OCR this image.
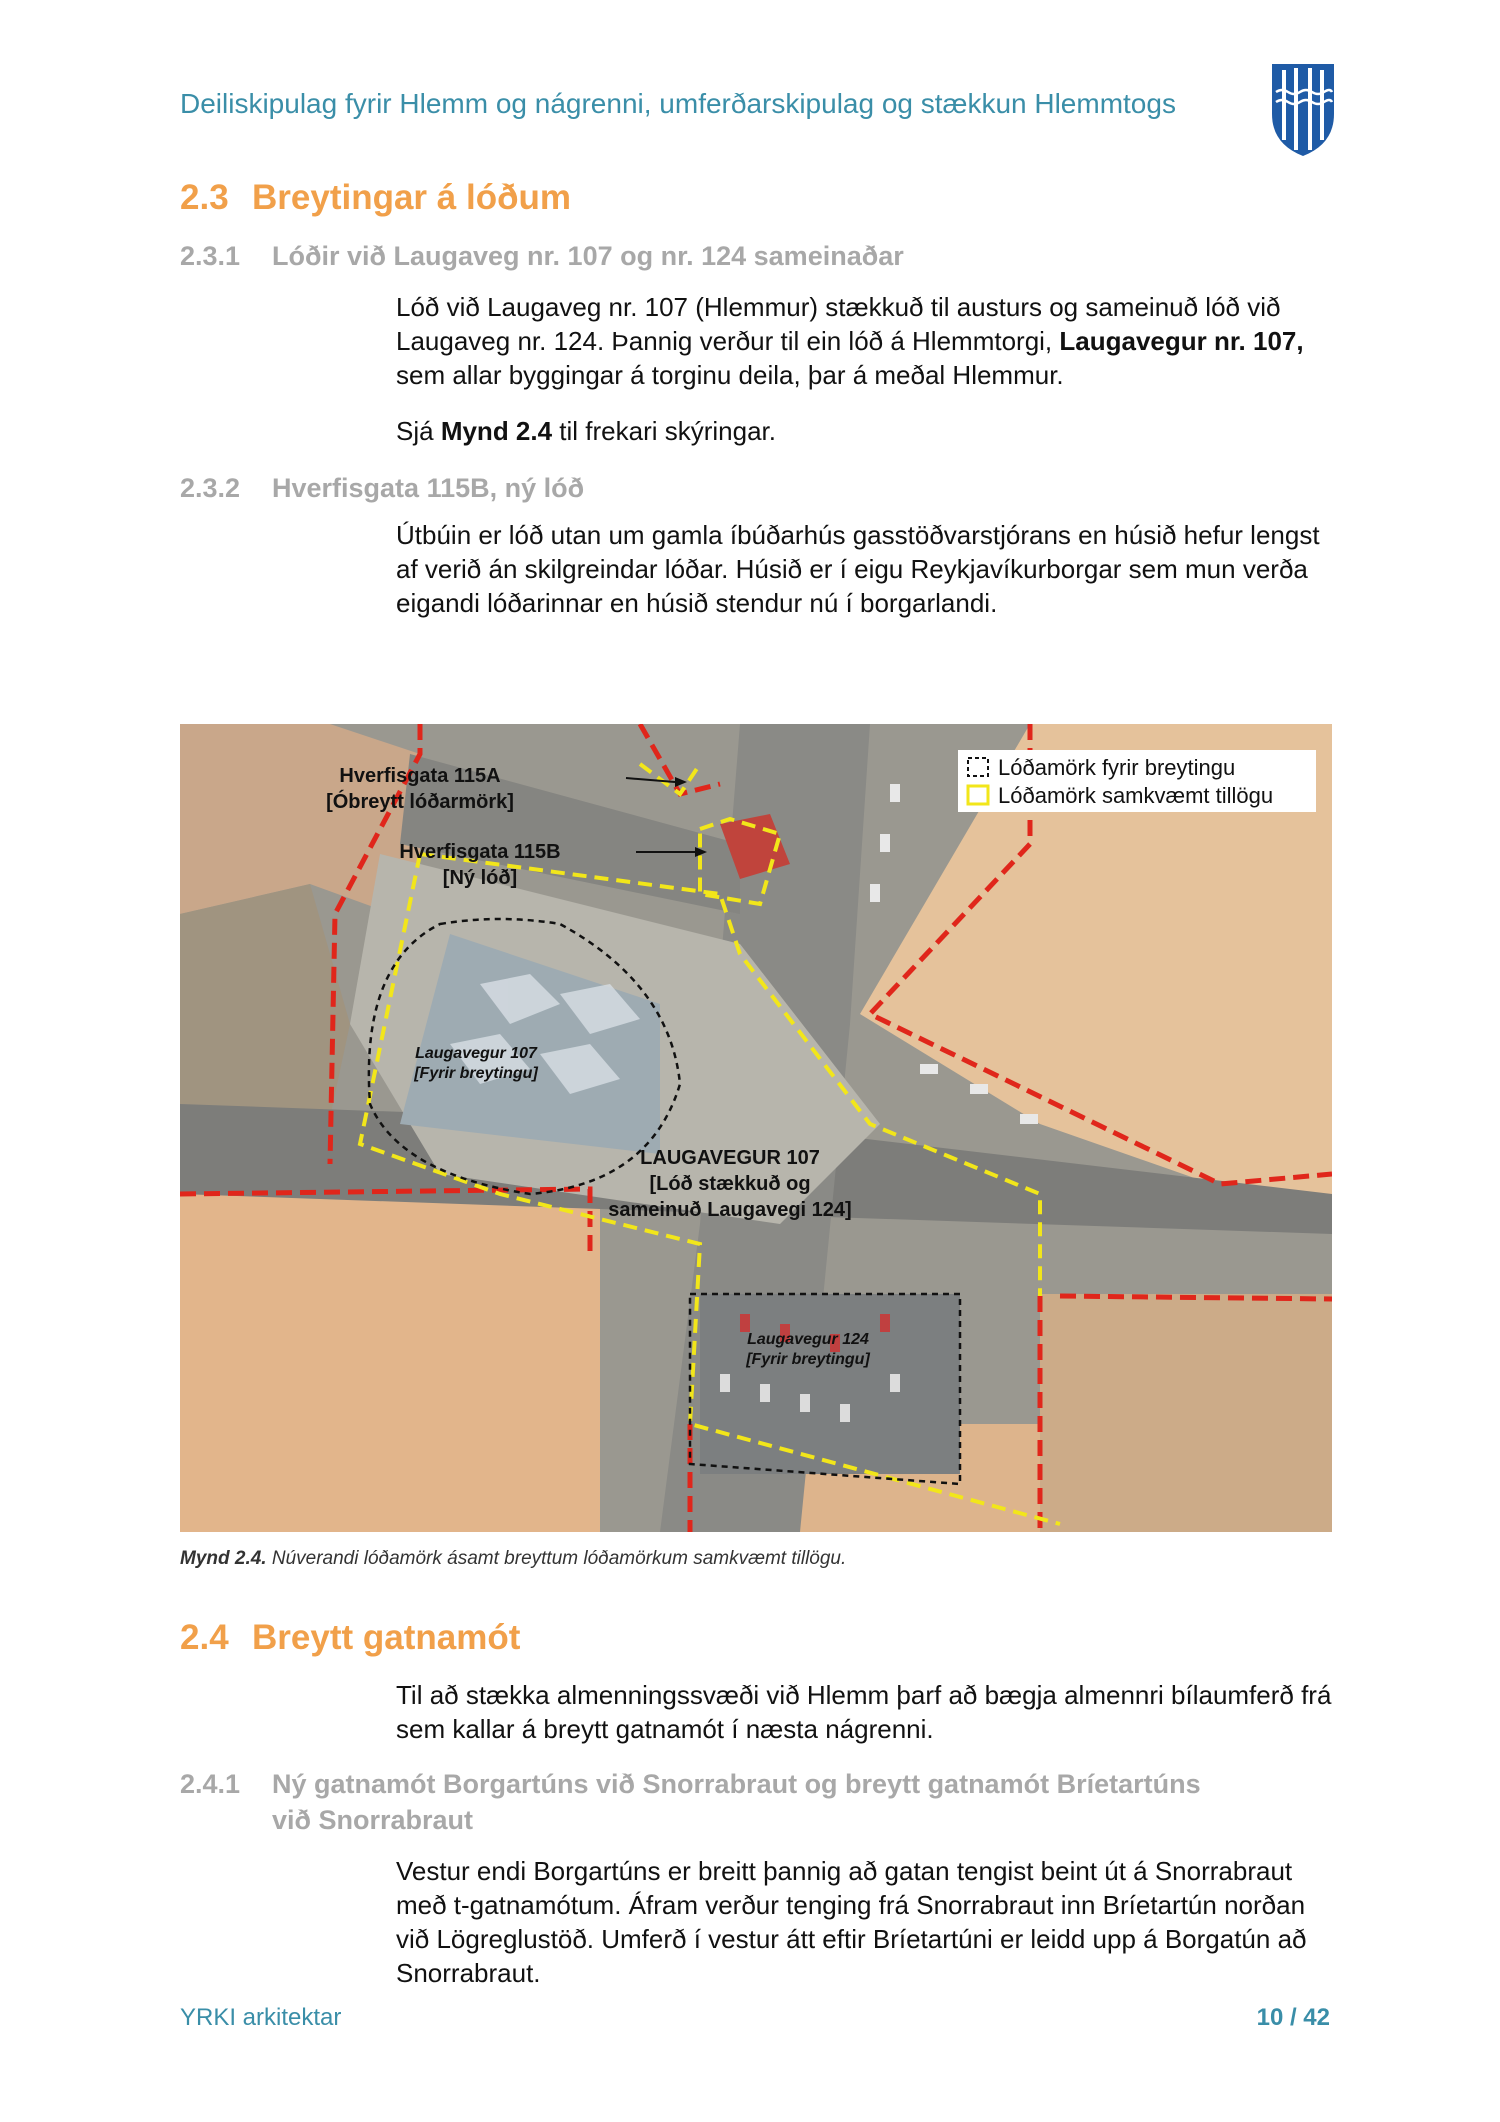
Deiliskipulag fyrir Hlemm og nágrenni, umferðarskipulag og stækkun Hlemmtogs
2.3 Breytingar á lóðum
2.3.1 Lóðir við Laugaveg nr. 107 og nr. 124 sameinaðar
Lóð við Laugaveg nr. 107 (Hlemmur) stækkuð til austurs og sameinuð lóð við Laugaveg nr. 124. Þannig verður til ein lóð á Hlemmtorgi, Laugavegur nr. 107, sem allar byggingar á torginu deila, þar á meðal Hlemmur.
Sjá Mynd 2.4 til frekari skýringar.
2.3.2 Hverfisgata 115B, ný lóð
Útbúin er lóð utan um gamla íbúðarhús gasstöðvarstjórans en húsið hefur lengst af verið án skilgreindar lóðar. Húsið er í eigu Reykjavíkurborgar sem mun verða eigandi lóðarinnar en húsið stendur nú í borgarlandi.
Lóðamörk fyrir breytingu
Lóðamörk samkvæmt tillögu
Hverfisgata 115A
[Óbreytt lóðarmörk]
Hverfisgata 115B
[Ný lóð]
Laugavegur 107
[Fyrir breytingu]
LAUGAVEGUR 107
[Lóð stækkuð og
sameinuð Laugavegi 124]
Laugavegur 124
[Fyrir breytingu]
Mynd 2.4. Núverandi lóðamörk ásamt breyttum lóðamörkum samkvæmt tillögu.
2.4 Breytt gatnamót
Til að stækka almenningssvæði við Hlemm þarf að bægja almennri bílaumferð frá sem kallar á breytt gatnamót í næsta nágrenni.
2.4.1 Ný gatnamót Borgartúns við Snorrabraut og breytt gatnamót Bríetartúns
við Snorrabraut
Vestur endi Borgartúns er breitt þannig að gatan tengist beint út á Snorrabraut með t-gatnamótum. Áfram verður tenging frá Snorrabraut inn Bríetartún norðan við Lögreglustöð. Umferð í vestur átt eftir Bríetartúni er leidd upp á Borgatún að Snorrabraut.
YRKI arkitektar	10 / 42
